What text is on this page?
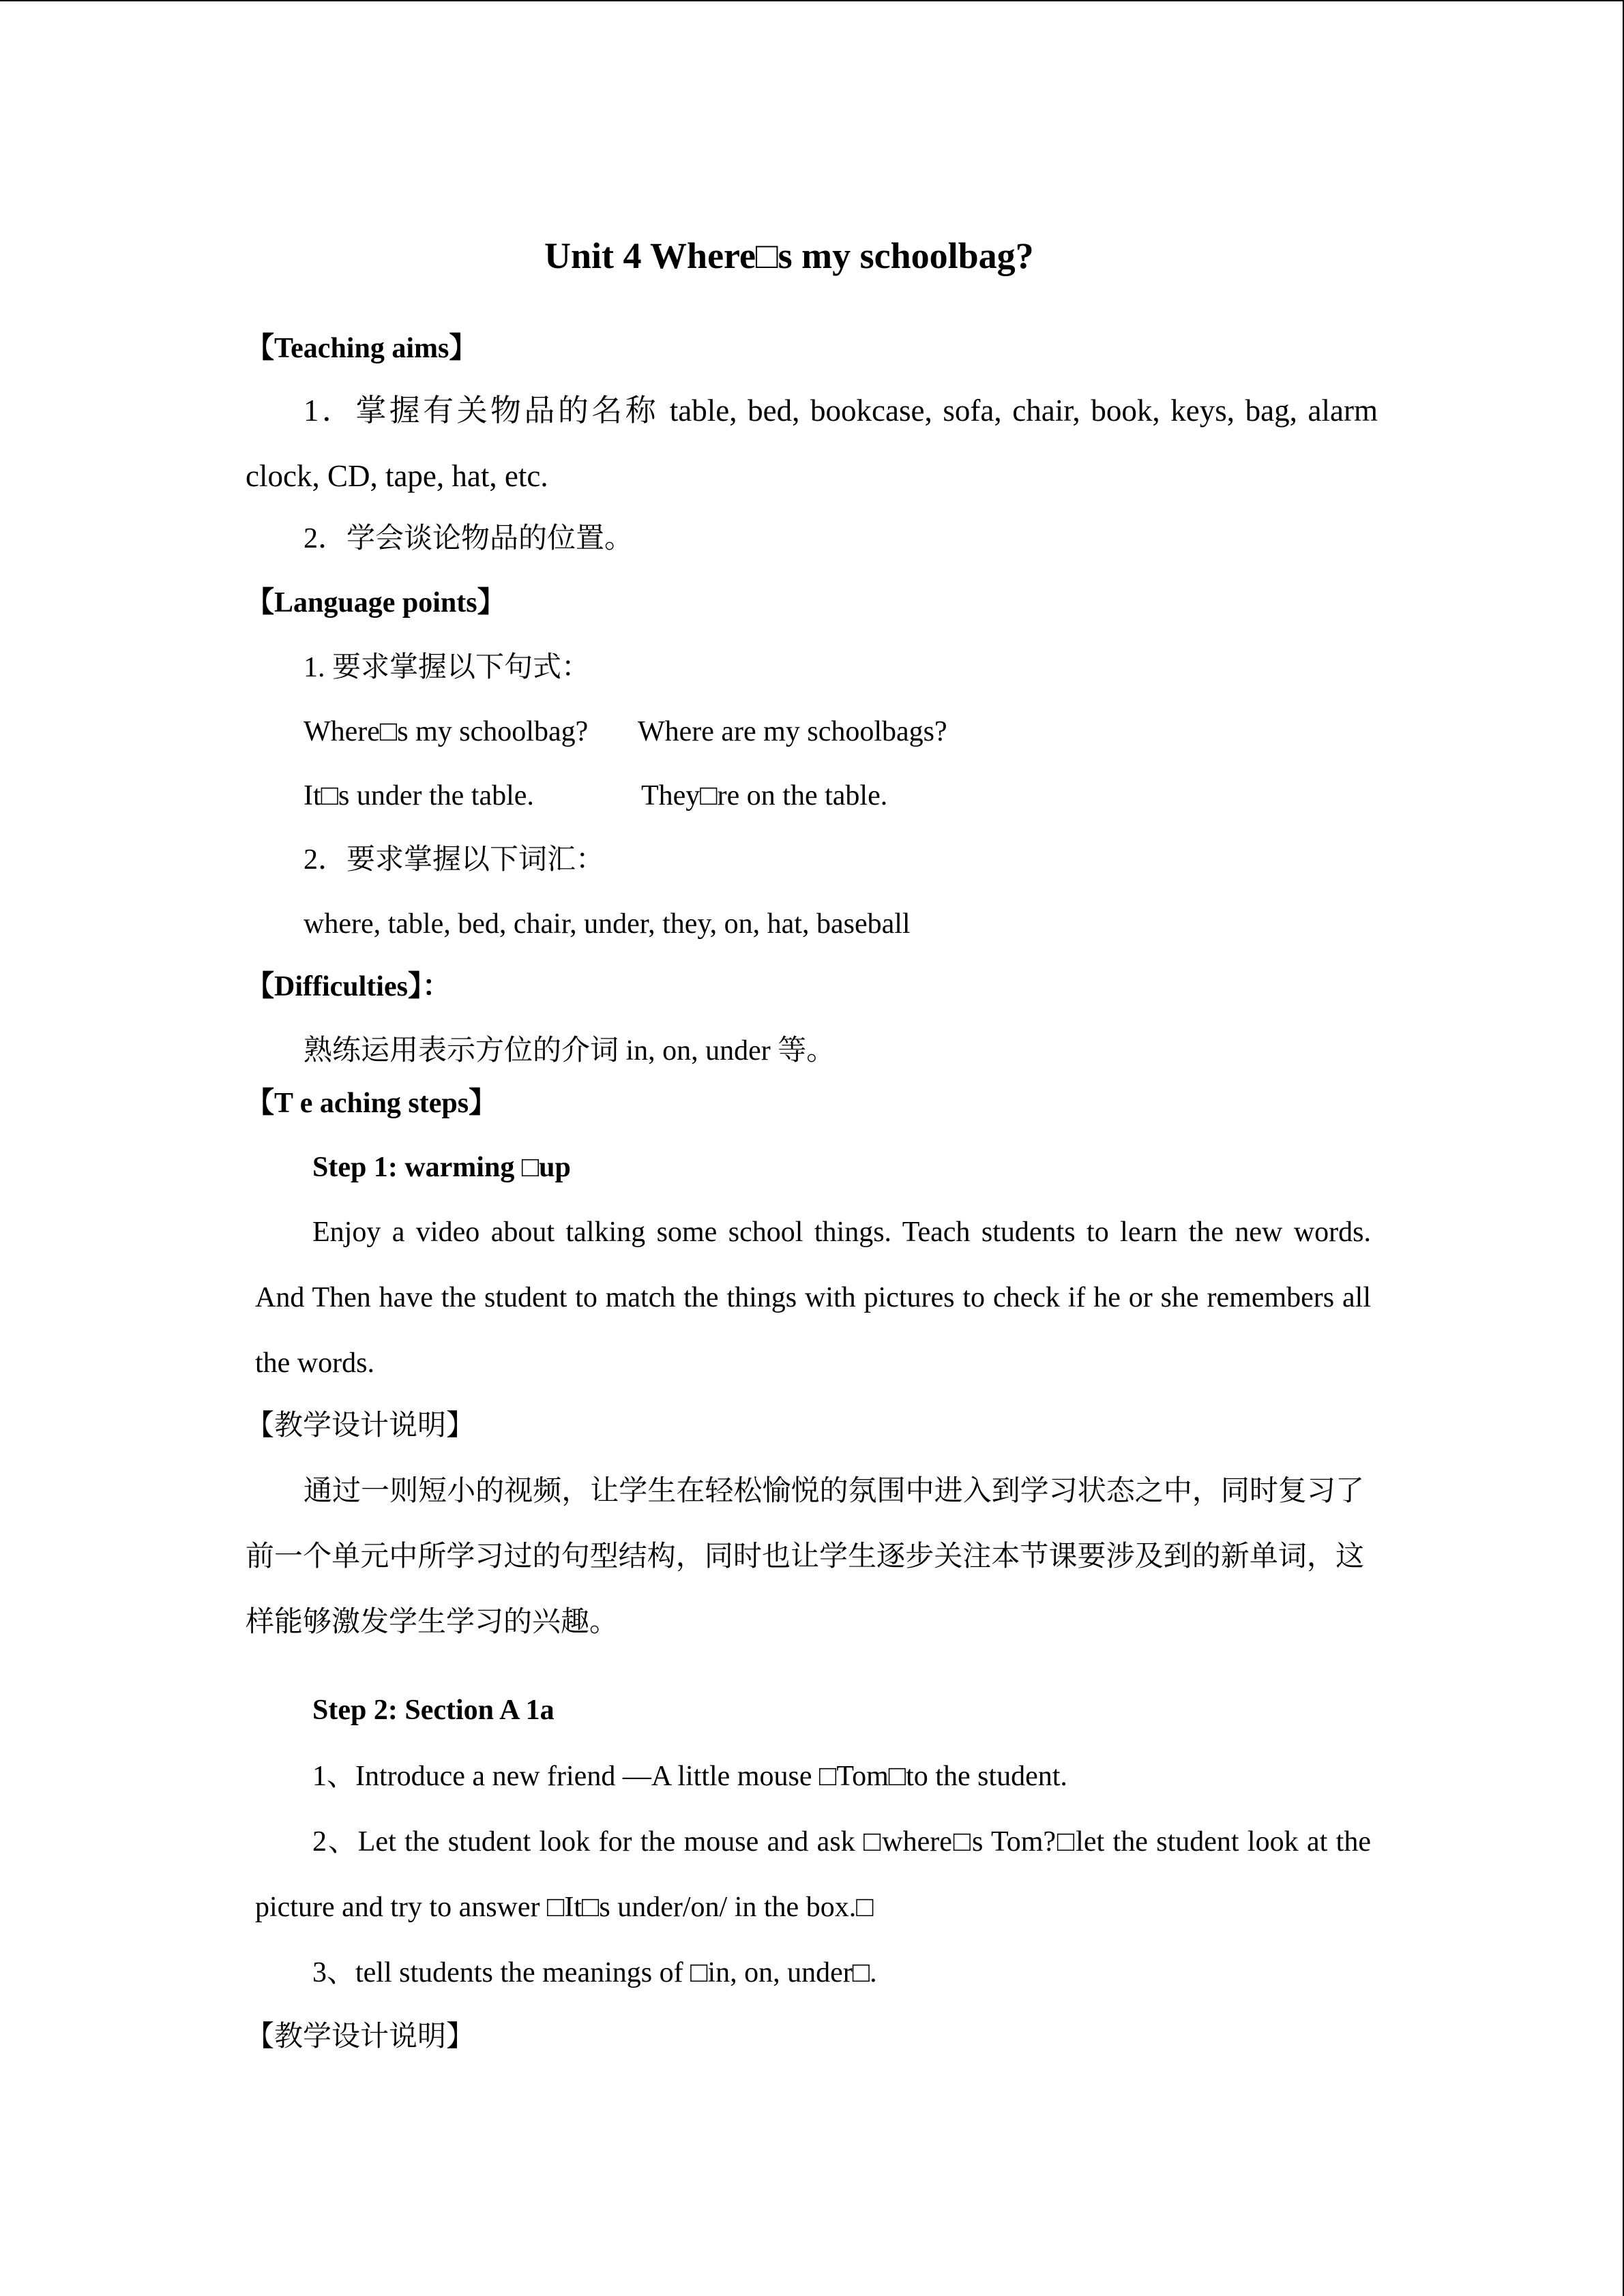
Unit 4 Where□s my schoolbag?
【Teaching aims】
1．掌握有关物品的名称 table, bed, bookcase, sofa, chair, book, keys, bag, alarm
clock, CD, tape, hat, etc.
2．学会谈论物品的位置。
【Language points】
1. 要求掌握以下句式：
Where□s my schoolbag? Where are my schoolbags?
It□s under the table.	They□re on the table.
2．要求掌握以下词汇：
where, table, bed, chair, under, they, on, hat, baseball
【Difficulties】：
熟练运用表示方位的介词 in, on, under 等。
【T e aching steps】
Step 1: warming □up
Enjoy a video about talking some school things. Teach students to learn the new words.
And Then have the student to match the things with pictures to check if he or she remembers all
the words.
【教学设计说明】
通过一则短小的视频，让学生在轻松愉悦的氛围中进入到学习状态之中，同时复习了
前一个单元中所学习过的句型结构，同时也让学生逐步关注本节课要涉及到的新单词，这
样能够激发学生学习的兴趣。
Step 2: Section A 1a
1、Introduce a new friend —A little mouse □Tom□to the student.
2、Let the student look for the mouse and ask □where□s Tom?□let the student look at the
picture and try to answer □It□s under/on/ in the box.□
3、tell students the meanings of □in, on, under□.
【教学设计说明】
